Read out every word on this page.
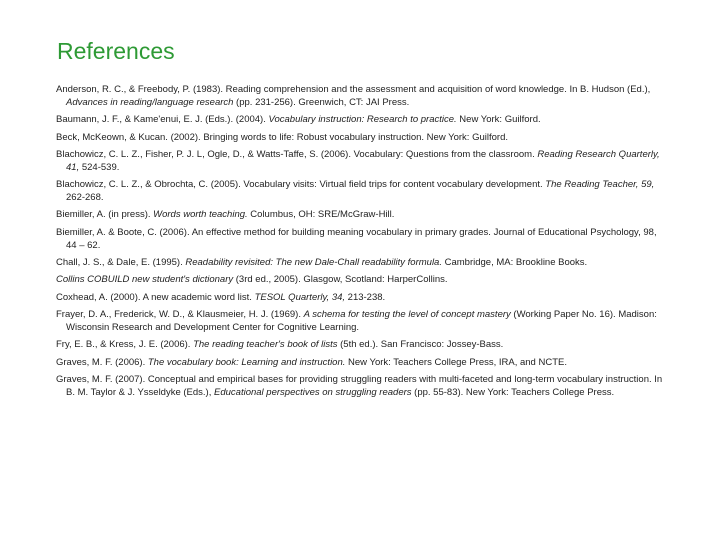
References
Anderson, R. C., & Freebody, P. (1983). Reading comprehension and the assessment and acquisition of word knowledge. In B. Hudson (Ed.), Advances in reading/language research (pp. 231-256). Greenwich, CT: JAI Press.
Baumann, J. F., & Kame'enui, E. J. (Eds.). (2004). Vocabulary instruction: Research to practice. New York: Guilford.
Beck, McKeown, & Kucan. (2002). Bringing words to life: Robust vocabulary instruction. New York: Guilford.
Blachowicz, C. L. Z., Fisher, P. J. L, Ogle, D., & Watts-Taffe, S. (2006). Vocabulary: Questions from the classroom. Reading Research Quarterly, 41, 524-539.
Blachowicz, C. L. Z., & Obrochta, C. (2005). Vocabulary visits: Virtual field trips for content vocabulary development. The Reading Teacher, 59, 262-268.
Biemiller, A. (in press). Words worth teaching. Columbus, OH: SRE/McGraw-Hill.
Biemiller, A. & Boote, C. (2006). An effective method for building meaning vocabulary in primary grades. Journal of Educational Psychology, 98, 44 – 62.
Chall, J. S., & Dale, E. (1995). Readability revisited: The new Dale-Chall readability formula. Cambridge, MA: Brookline Books.
Collins COBUILD new student's dictionary (3rd ed., 2005). Glasgow, Scotland: HarperCollins.
Coxhead, A. (2000). A new academic word list. TESOL Quarterly, 34, 213-238.
Frayer, D. A., Frederick, W. D., & Klausmeier, H. J. (1969). A schema for testing the level of concept mastery (Working Paper No. 16). Madison: Wisconsin Research and Development Center for Cognitive Learning.
Fry, E. B., & Kress, J. E. (2006). The reading teacher's book of lists (5th ed.). San Francisco: Jossey-Bass.
Graves, M. F. (2006). The vocabulary book: Learning and instruction. New York: Teachers College Press, IRA, and NCTE.
Graves, M. F. (2007). Conceptual and empirical bases for providing struggling readers with multi-faceted and long-term vocabulary instruction. In B. M. Taylor & J. Ysseldyke (Eds.), Educational perspectives on struggling readers (pp. 55-83). New York: Teachers College Press.
